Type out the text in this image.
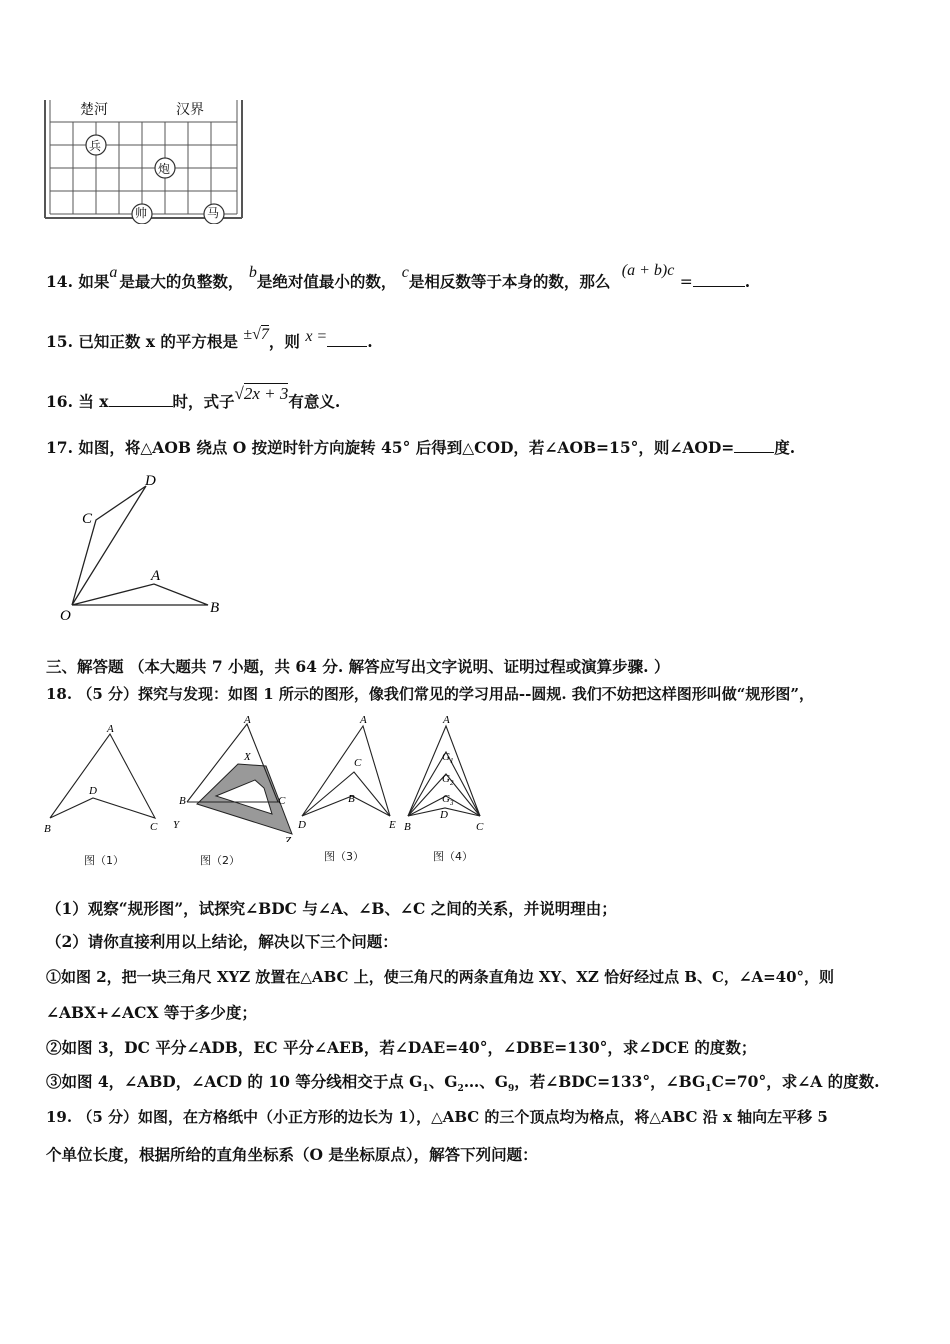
楚河	汉界
兵
炮
帅	马
14. 如果a 是最大的负整数， b是绝对值最小的数， c是相反数等于本身的数，那么 (a + b)c =	.
15. 已知正数 x 的平方根是 ±√7，则 x =	.
16. 当 x	时，式子√2x + 3有意义.
17. 如图，将△AOB 绕点 O 按逆时针方向旋转 45° 后得到△COD，若∠AOB=15°，则∠AOD=	度.
D
C
A
O	B
三、解答题 （本大题共 7 小题，共 64 分. 解答应写出文字说明、证明过程或演算步骤. ）
18. （5 分）探究与发现：如图 1 所示的图形，像我们常见的学习用品--圆规. 我们不妨把这样图形叫做“规形图”，
A
D
B	C
A
X
B	C
Y
Z
A
C
B
D	E
$G_1$
$G_2$
$G_3$
A
D
B	C
图（1）	图（2）	图（3）	图（4）
（1）观察“规形图”，试探究∠BDC 与∠A、∠B、∠C 之间的关系，并说明理由；
（2）请你直接利用以上结论，解决以下三个问题：
①如图 2，把一块三角尺 XYZ 放置在△ABC 上，使三角尺的两条直角边 XY、XZ 恰好经过点 B、C，∠A=40°，则
∠ABX+∠ACX 等于多少度；
②如图 3，DC 平分∠ADB，EC 平分∠AEB，若∠DAE=40°，∠DBE=130°，求∠DCE 的度数；
③如图 4，∠ABD，∠ACD 的 10 等分线相交于点 $G_1$、$G_2\dots$、$G_9$，若∠BDC=133°，$\angle BG_1C=70^\circ$，求∠A 的度数.
19. （5 分）如图，在方格纸中（小正方形的边长为 1），△ABC 的三个顶点均为格点，将△ABC 沿 x 轴向左平移 5
个单位长度，根据所给的直角坐标系（O 是坐标原点），解答下列问题：
